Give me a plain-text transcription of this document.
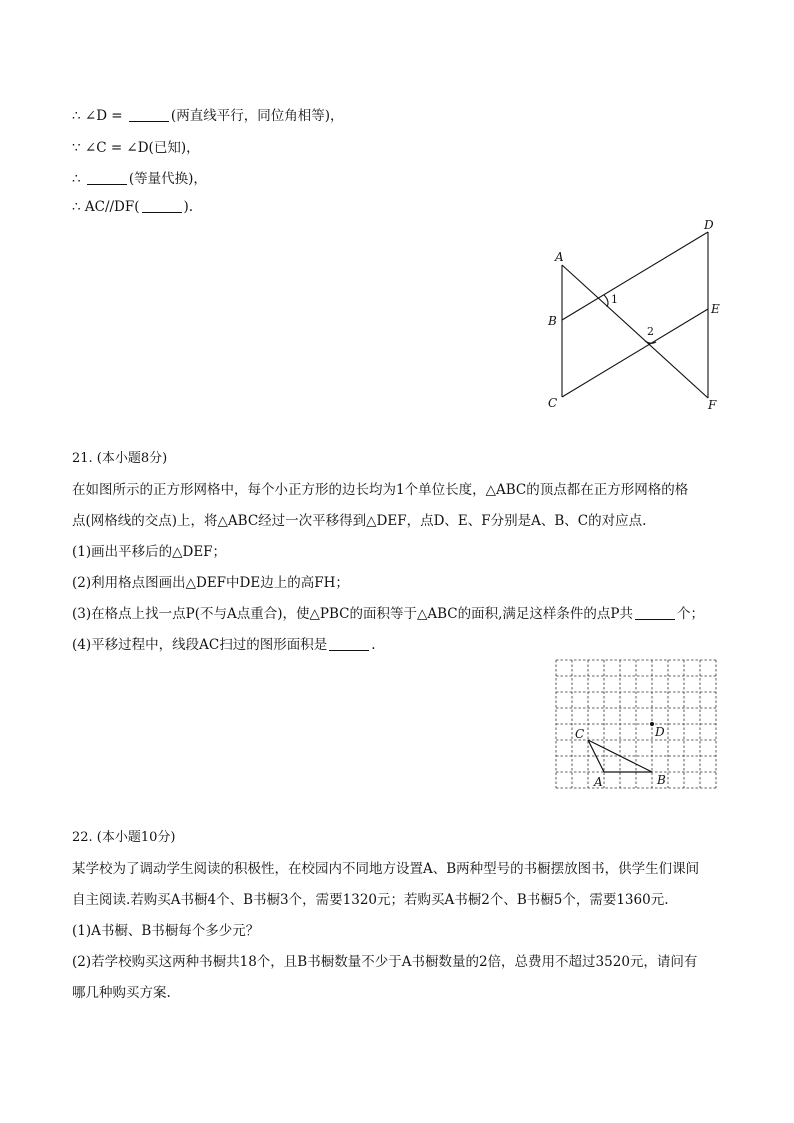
∴ ∠D =	(两直线平行，同位角相等)，
∵ ∠C = ∠D(已知)，
∴	(等量代换)，
∴ AC//DF(	).
A
B
C
D
E
F
1
2
21. (本小题8分)
在如图所示的正方形网格中，每个小正方形的边长均为1个单位长度，△ABC的顶点都在正方形网格的格
点(网格线的交点)上，将△ABC经过一次平移得到△DEF，点D、E、F分别是A、B、C的对应点.
(1)画出平移后的△DEF；
(2)利用格点图画出△DEF中DE边上的高FH；
(3)在格点上找一点P(不与A点重合)，使△PBC的面积等于△ABC的面积,满足这样条件的点P共	个；
(4)平移过程中，线段AC扫过的图形面积是	.
C	D
A	B
22. (本小题10分)
某学校为了调动学生阅读的积极性，在校园内不同地方设置A、B两种型号的书橱摆放图书，供学生们课间
自主阅读.若购买A书橱4个、B书橱3个，需要1320元；若购买A书橱2个、B书橱5个，需要1360元.
(1)A书橱、B书橱每个多少元？
(2)若学校购买这两种书橱共18个，且B书橱数量不少于A书橱数量的2倍，总费用不超过3520元，请问有
哪几种购买方案.
